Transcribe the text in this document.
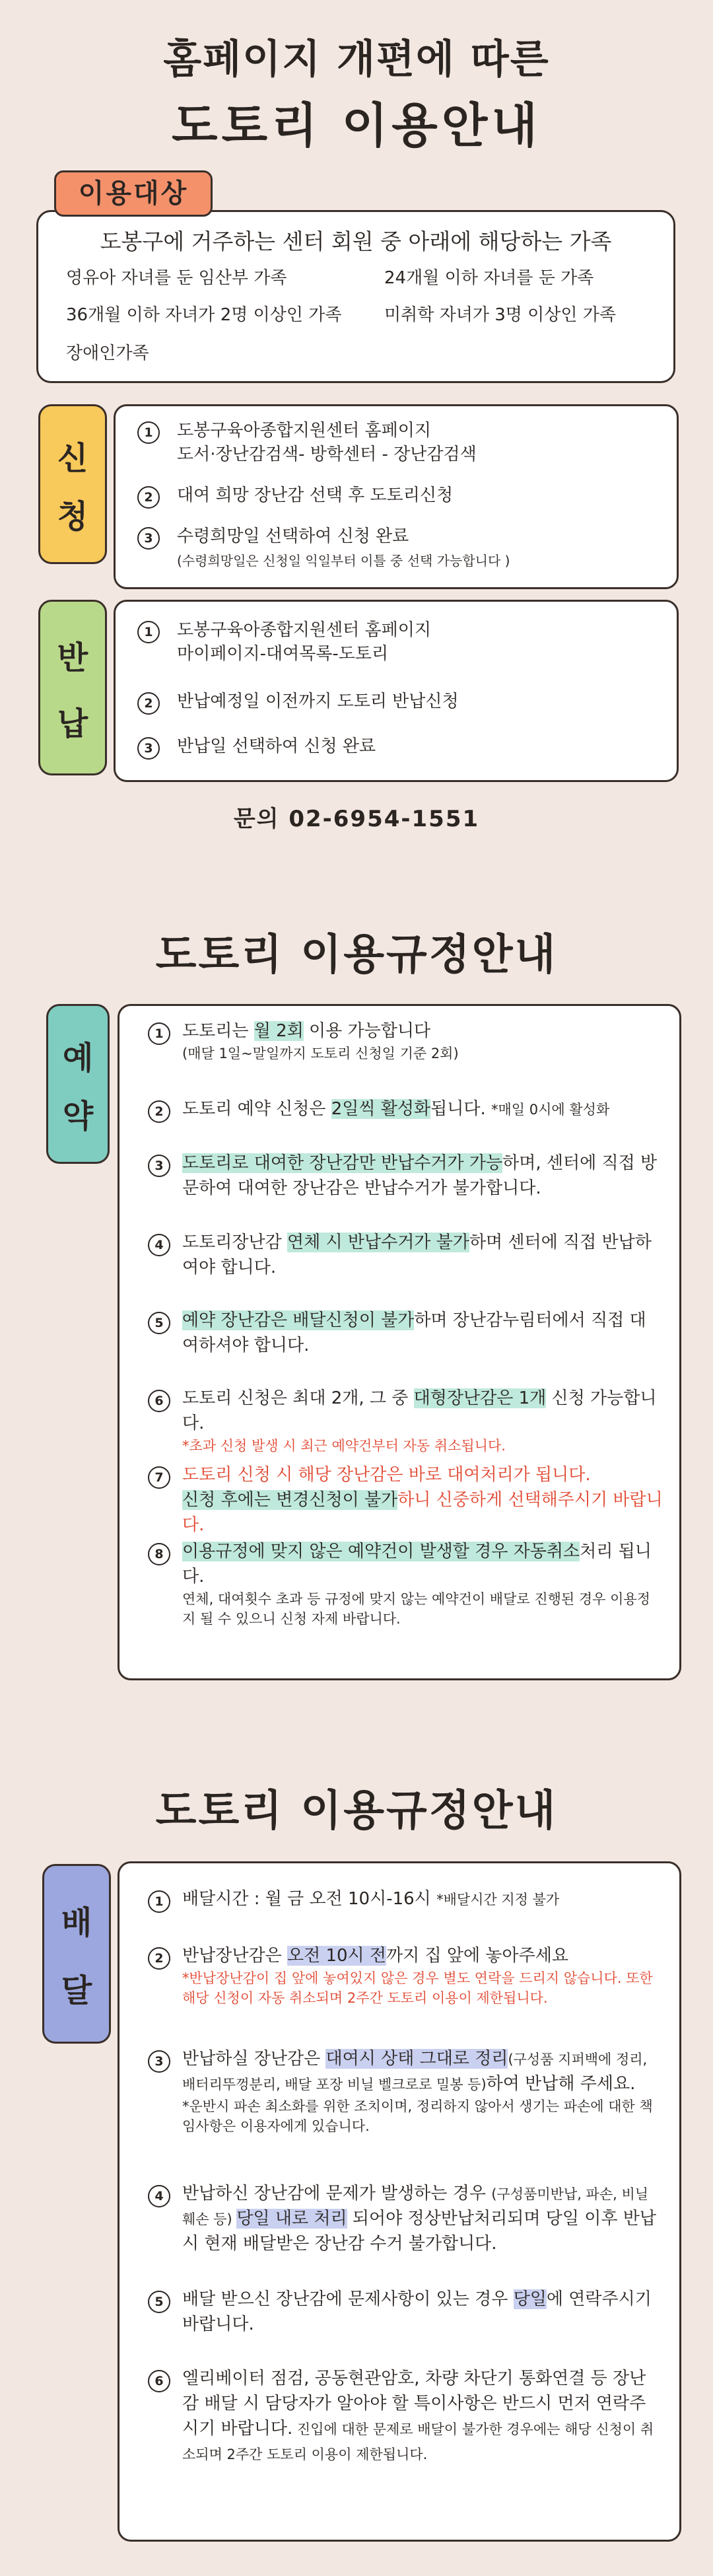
홈페이지 개편에 따른
도토리 이용안내
이용대상
도봉구에 거주하는 센터 회원 중 아래에 해당하는 가족
영유아 자녀를 둔 임산부 가족	24개월 이하 자녀를 둔 가족
36개월 이하 자녀가 2명 이상인 가족 미취학 자녀가 3명 이상인 가족
장애인가족
신
청
1	도봉구육아종합지원센터 홈페이지
도서·장난감검색- 방학센터 - 장난감검색
2	대여 희망 장난감 선택 후 도토리신청
3	수령희망일 선택하여 신청 완료
(수령희망일은 신청일 익일부터 이틀 중 선택 가능합니다 )
반
납
1	도봉구육아종합지원센터 홈페이지
마이페이지-대여목록-도토리
2	반납예정일 이전까지 도토리 반납신청
3	반납일 선택하여 신청 완료
문의 02-6954-1551
도토리 이용규정안내
예
약
1	도토리는 월 2회 이용 가능합니다
(매달 1일~말일까지 도토리 신청일 기준 2회)
2	도토리 예약 신청은 2일씩 활성화됩니다. *매일 0시에 활성화
3	도토리로 대여한 장난감만 반납수거가 가능하며, 센터에 직접 방문하여 대여한 장난감은 반납수거가 불가합니다.
4	도토리장난감 연체 시 반납수거가 불가하며 센터에 직접 반납하여야 합니다.
5	예약 장난감은 배달신청이 불가하며 장난감누림터에서 직접 대여하셔야 합니다.
6	도토리 신청은 최대 2개, 그 중 대형장난감은 1개 신청 가능합니다.
*초과 신청 발생 시 최근 예약건부터 자동 취소됩니다.
7	도토리 신청 시 해당 장난감은 바로 대여처리가 됩니다.
신청 후에는 변경신청이 불가하니 신중하게 선택해주시기 바랍니다.
8	이용규정에 맞지 않은 예약건이 발생할 경우 자동취소처리 됩니다.
연체, 대여횟수 초과 등 규정에 맞지 않는 예약건이 배달로 진행된 경우 이용정지 될 수 있으니 신청 자제 바랍니다.
도토리 이용규정안내
배
달
1	배달시간 : 월 금 오전 10시-16시 *배달시간 지정 불가
2	반납장난감은 오전 10시 전까지 집 앞에 놓아주세요
*반납장난감이 집 앞에 놓여있지 않은 경우 별도 연락을 드리지 않습니다. 또한 해당 신청이 자동 취소되며 2주간 도토리 이용이 제한됩니다.
3	반납하실 장난감은 대여시 상태 그대로 정리(구성품 지퍼백에 정리, 배터리뚜껑분리, 배달 포장 비닐 벨크로로 밀봉 등)하여 반납해 주세요.
*운반시 파손 최소화를 위한 조치이며, 정리하지 않아서 생기는 파손에 대한 책임사항은 이용자에게 있습니다.
4	반납하신 장난감에 문제가 발생하는 경우 (구성품미반납, 파손, 비닐 훼손 등) 당일 내로 처리 되어야 정상반납처리되며 당일 이후 반납시 현재 배달받은 장난감 수거 불가합니다.
5	배달 받으신 장난감에 문제사항이 있는 경우 당일에 연락주시기 바랍니다.
6	엘리베이터 점검, 공동현관암호, 차량 차단기 통화연결 등 장난감 배달 시 담당자가 알아야 할 특이사항은 반드시 먼저 연락주시기 바랍니다. 진입에 대한 문제로 배달이 불가한 경우에는 해당 신청이 취소되며 2주간 도토리 이용이 제한됩니다.
